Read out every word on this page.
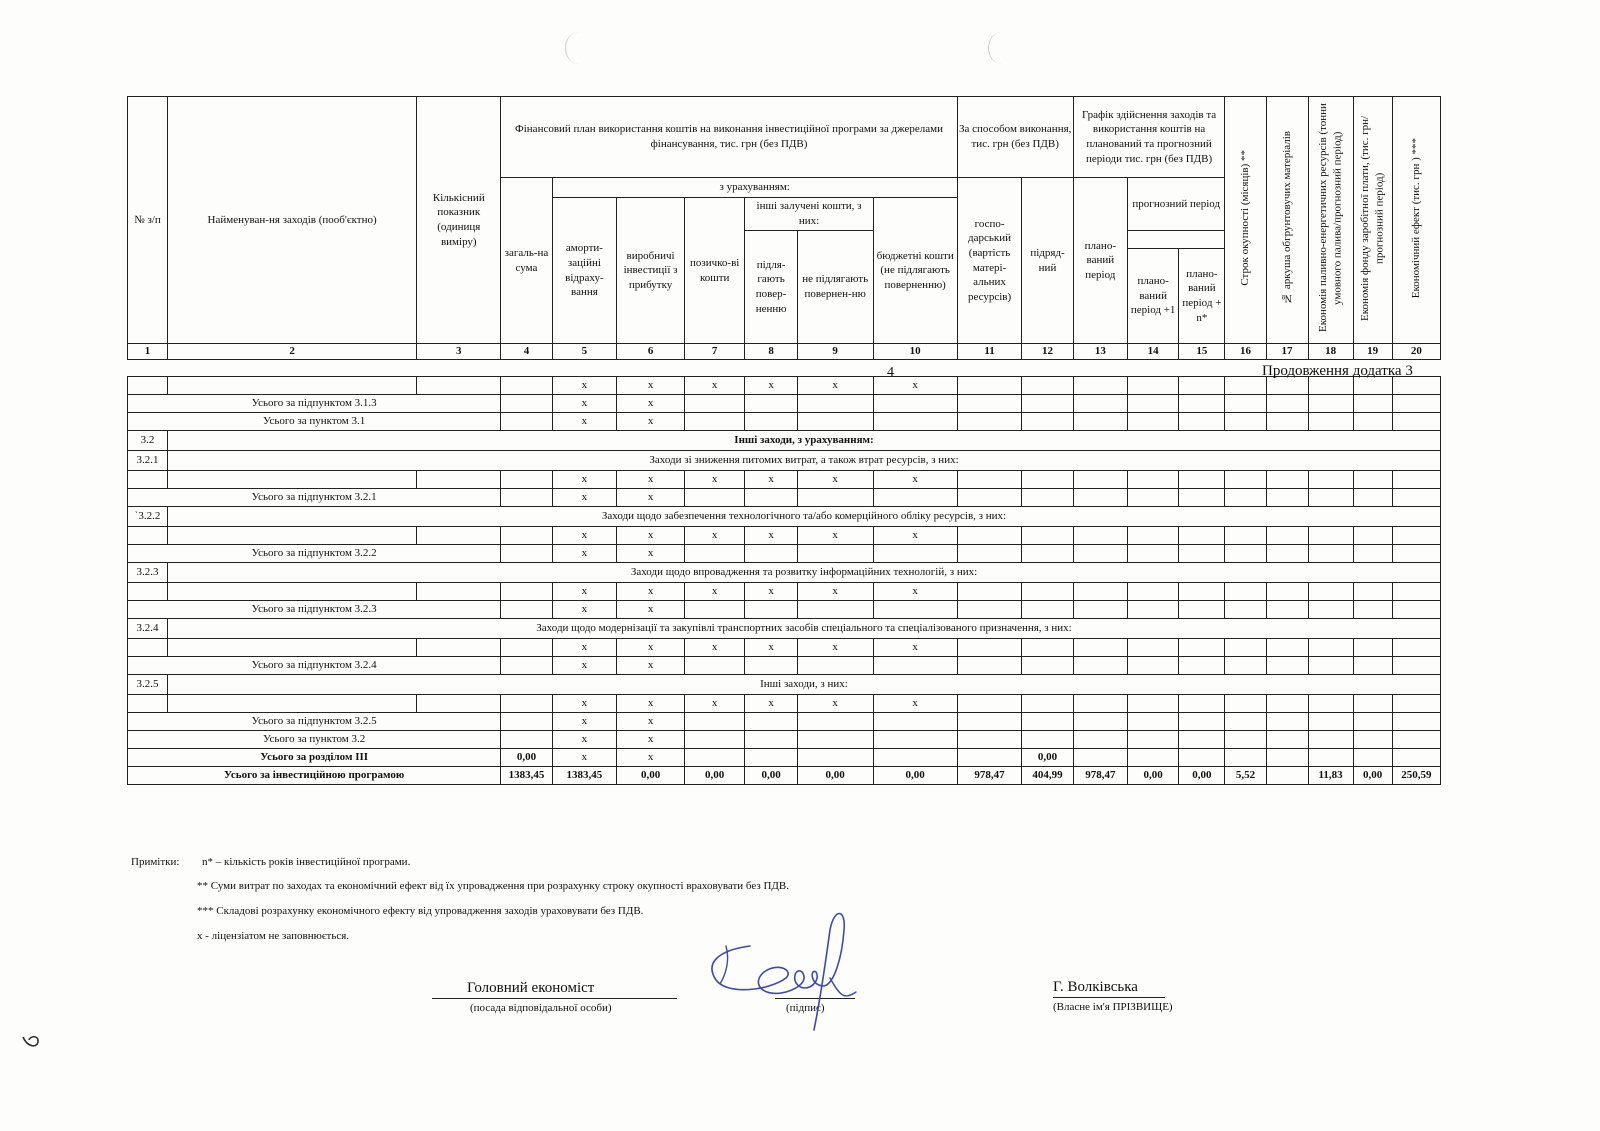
№ з/п	Найменуван-ня заходів (пооб'єктно)	Кількісний показник (одиниця виміру)	Фінансовий план використання коштів на виконання інвестиційної програми за джерелами фінансування, тис. грн (без ПДВ)							За способом виконання, тис. грн (без ПДВ)		Графік здійснення заходів та використання коштів на планований та прогнозний періоди тис. грн (без ПДВ)			Строк окупності (місяців) **	№ аркуша обгрунтовучих матеріалів	Економія паливно-енергетичних ресурсів (тонни умовного палива/прогнозний період)	Економія фонду заробітної плати, (тис. грн/прогнозний період)	Економічний ефект (тис. грн ) ***
			загаль-на сума	з урахуванням:						госпо-дарський (вартість матері-альних ресурсів)	підряд-ний	плано-ваний період	прогнозний період						
				аморти-заційні відраху-вання	виробничі інвестиції з прибутку	позичко-ві кошти	інші залучені кошти, з них:		бюджетні кошти (не підлягають поверненню)										
							підля-гають повер-ненню	не підлягають повернен-ню											
													плано-ваний період +1	плано-ваний період + n*					
1	2	3	4	5	6	7	8	9	10	11	12	13	14	15	16	17	18	19	20

				x	x	x	x	x	x										
Усього за підпунктом 3.1.3				x	x														
Усього за пунктом 3.1				x	x														
3.2	Інші заходи, з урахуванням:																		
3.2.1	Заходи зі зниження питомих витрат, а також втрат ресурсів, з них:																		
				x	x	x	x	x	x										
Усього за підпунктом 3.2.1				x	x														
`3.2.2	Заходи щодо забезпечення технологічного та/або комерційного обліку ресурсів, з них:																		
				x	x	x	x	x	x										
Усього за підпунктом 3.2.2				x	x														
3.2.3	Заходи щодо впровадження та розвитку інформаційних технологій, з них:																		
				x	x	x	x	x	x										
Усього за підпунктом 3.2.3				x	x														
3.2.4	Заходи щодо модернізації та закупівлі транспортних засобів спеціального та спеціалізованого призначення, з них:																		
				x	x	x	x	x	x										
Усього за підпунктом 3.2.4				x	x														
3.2.5	Інші заходи, з них:																		
				x	x	x	x	x	x										
Усього за підпунктом 3.2.5				x	x														
Усього за пунктом 3.2				x	x														
Усього за розділом ІІІ			0,00	x	x						0,00								
Усього за інвестиційною програмою			1383,45	1383,45	0,00	0,00	0,00	0,00	0,00	978,47	404,99	978,47	0,00	0,00	5,52		11,83	0,00	250,59
4	Продовження додатка 3
Примітки: n* – кількість років інвестиційної програми.
** Суми витрат по заходах та економічний ефект від їх упровадження при розрахунку строку окупності враховувати без ПДВ.
*** Складові розрахунку економічного ефекту від упровадження заходів ураховувати без ПДВ.
х - ліцензіатом не заповнюється.
Головний економіст
(посада відповідальної особи)	(підпис)
Г. Волківська
(Власне ім'я ПРІЗВИЩЕ)
